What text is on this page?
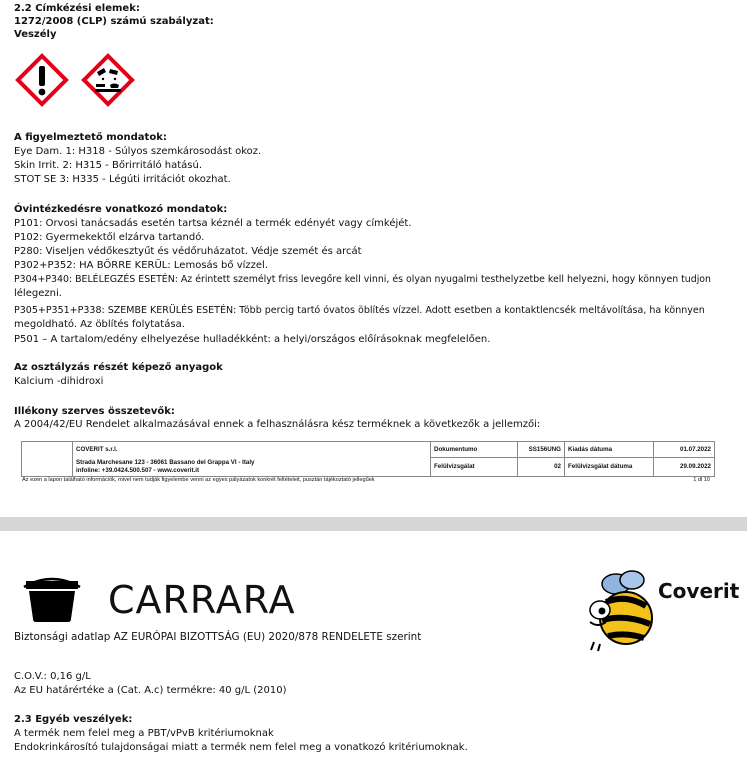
2.2 Címkézési elemek:
1272/2008 (CLP) számú szabályzat:
Veszély
A figyelmeztető mondatok:
Eye Dam. 1: H318 - Súlyos szemkárosodást okoz.
Skin Irrit. 2: H315 - Bőrirritáló hatású.
STOT SE 3: H335 - Légúti irritációt okozhat.
Óvintézkedésre vonatkozó mondatok:
P101: Orvosi tanácsadás esetén tartsa kéznél a termék edényét vagy címkéjét.
P102: Gyermekektől elzárva tartandó.
P280: Viseljen védőkesztyűt és védőruházatot. Védje szemét és arcát
P302+P352: HA BŐRRE KERÜL: Lemosás bő vízzel.
P304+P340: BELÉLEGZÉS ESETÉN: Az érintett személyt friss levegőre kell vinni, és olyan nyugalmi testhelyzetbe kell helyezni, hogy könnyen tudjon
lélegezni.
P305+P351+P338: SZEMBE KERÜLÉS ESETÉN: Több percig tartó óvatos öblítés vízzel. Adott esetben a kontaktlencsék meltávolítása, ha könnyen
megoldható. Az öblítés folytatása.
P501 – A tartalom/edény elhelyezése hulladékként: a helyi/országos előírásoknak megfelelően.
Az osztályzás részét képező anyagok
Kalcium -dihidroxi
Illékony szerves összetevők:
A 2004/42/EU Rendelet alkalmazásával ennek a felhasználásra kész terméknek a következők a jellemzői:
	COVERIT s.r.l.	Dokumentumo	SS156UNG	Kiadás dátuma	01.07.2022

	Strada Marchesane 123 - 36061 Bassano del Grappa VI - Italy
infoline: +39.0424.500.507 - www.coverit.it	Felülvizsgálat	02	Felülvizsgálat dátuma	29.09.2022
Az ezen a lapon található információk, mivel nem tudják figyelembe venni az egyes pályázatok konkrét feltételeit, pusztán tájékoztató jellegűek	1 dl 10
CARRARA	Coverit
Biztonsági adatlap AZ EURÓPAI BIZOTTSÁG (EU) 2020/878 RENDELETE szerint
C.O.V.: 0,16 g/L
Az EU határértéke a (Cat. A.c) termékre: 40 g/L (2010)
2.3 Egyéb veszélyek:
A termék nem felel meg a PBT/vPvB kritériumoknak
Endokrinkárosító tulajdonságai miatt a termék nem felel meg a vonatkozó kritériumoknak.
